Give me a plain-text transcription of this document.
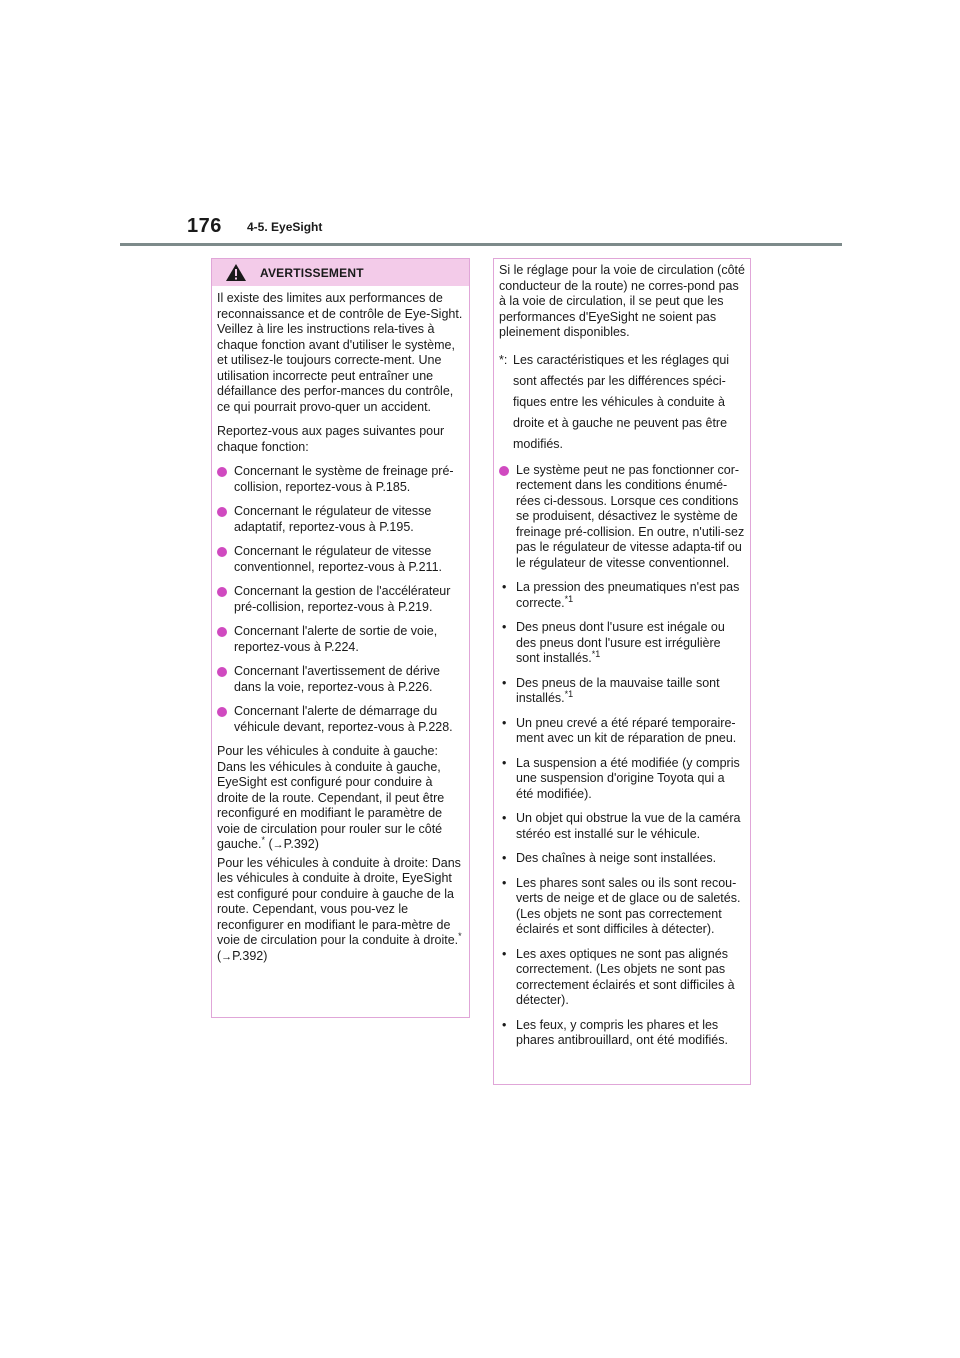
176 4-5. EyeSight
AVERTISSEMENT

Il existe des limites aux performances de reconnaissance et de contrôle de Eye-Sight. Veillez à lire les instructions rela-tives à chaque fonction avant d'utiliser le système, et utilisez-le toujours correcte-ment. Une utilisation incorrecte peut entraîner une défaillance des perfor-mances du contrôle, ce qui pourrait provo-quer un accident.

Reportez-vous aux pages suivantes pour chaque fonction:

Concernant le système de freinage pré-collision, reportez-vous à P.185.
Concernant le régulateur de vitesse adaptatif, reportez-vous à P.195.
Concernant le régulateur de vitesse conventionnel, reportez-vous à P.211.
Concernant la gestion de l'accélérateur pré-collision, reportez-vous à P.219.
Concernant l'alerte de sortie de voie, reportez-vous à P.224.
Concernant l'avertissement de dérive dans la voie, reportez-vous à P.226.
Concernant l'alerte de démarrage du véhicule devant, reportez-vous à P.228.

Pour les véhicules à conduite à gauche: Dans les véhicules à conduite à gauche, EyeSight est configuré pour conduire à droite de la route. Cependant, il peut être reconfiguré en modifiant le paramètre de voie de circulation pour rouler sur le côté gauche.* (→P.392)

Pour les véhicules à conduite à droite: Dans les véhicules à conduite à droite, EyeSight est configuré pour conduire à gauche de la route. Cependant, vous pou-vez le reconfigurer en modifiant le para-mètre de voie de circulation pour la conduite à droite.* (→P.392)

Si le réglage pour la voie de circulation (côté conducteur de la route) ne corres-pond pas à la voie de circulation, il se peut que les performances d'EyeSight ne soient pas pleinement disponibles.

*: Les caractéristiques et les réglages qui sont affectés par les différences spéci-fiques entre les véhicules à conduite à droite et à gauche ne peuvent pas être modifiés.
Le système peut ne pas fonctionner cor-rectement dans les conditions énumé-rées ci-dessous. Lorsque ces conditions se produisent, désactivez le système de freinage pré-collision. En outre, n'utili-sez pas le régulateur de vitesse adapta-tif ou le régulateur de vitesse conventionnel.
• La pression des pneumatiques n'est pas correcte.$^{*1}$
• Des pneus dont l'usure est inégale ou des pneus dont l'usure est irrégulière sont installés.$^{*1}$
• Des pneus de la mauvaise taille sont installés.$^{*1}$
• Un pneu crevé a été réparé temporaire-ment avec un kit de réparation de pneu.
• La suspension a été modifiée (y compris une suspension d'origine Toyota qui a été modifiée).
• Un objet qui obstrue la vue de la caméra stéréo est installé sur le véhicule.
• Des chaînes à neige sont installées.
• Les phares sont sales ou ils sont recou-verts de neige et de glace ou de saletés. (Les objets ne sont pas correctement éclairés et sont difficiles à détecter).
• Les axes optiques ne sont pas alignés correctement. (Les objets ne sont pas correctement éclairés et sont difficiles à détecter).
• Les feux, y compris les phares et les phares antibrouillard, ont été modifiés.
